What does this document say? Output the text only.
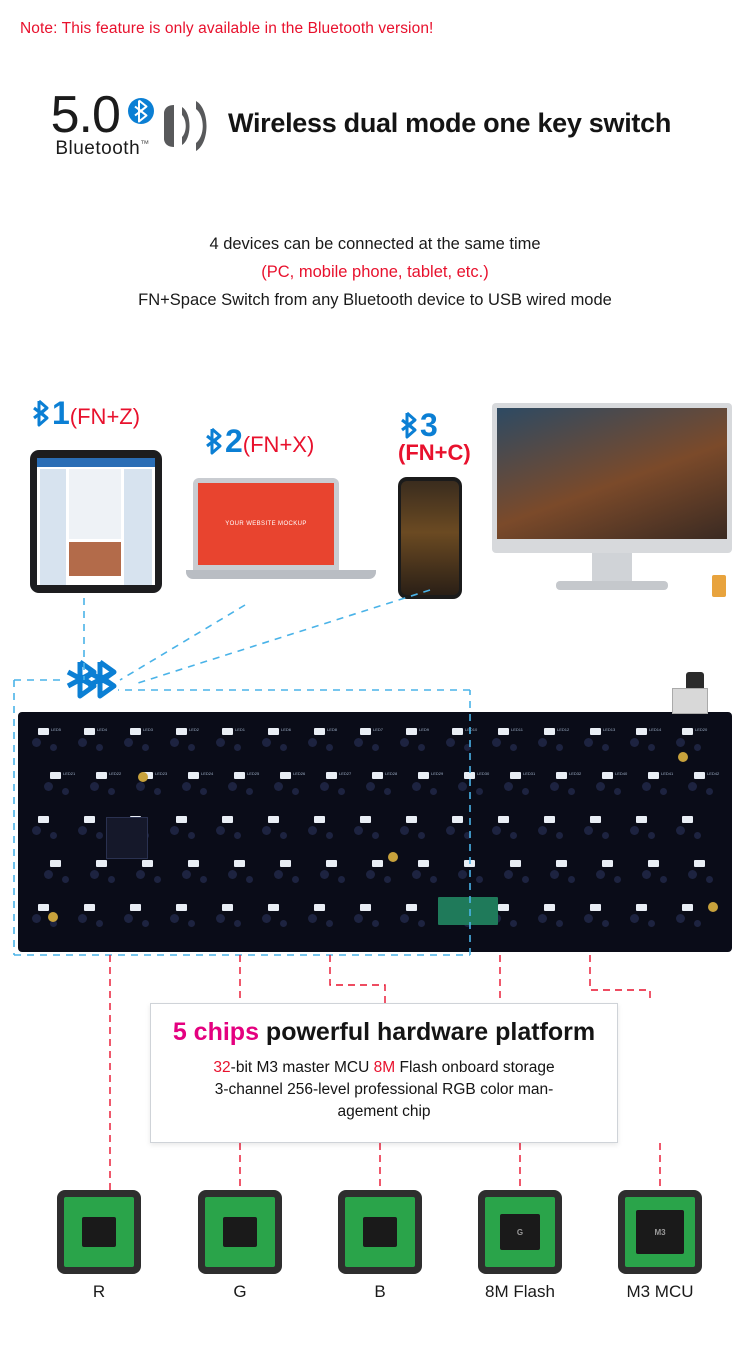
Note: This feature is only available in the Bluetooth version!
5.0
Bluetooth™
Wireless dual mode one key switch
4 devices can be connected at the same time
(PC, mobile phone, tablet, etc.)
FN+Space Switch from any Bluetooth device to USB wired mode
1(FN+Z)
2(FN+X)
YOUR WEBSITE MOCKUP
3
(FN+C)
LED5	LED4	LED3	LED2	LED1	LED6	LED8	LED7	LED9	LED10	LED11	LED12	LED13	LED14	LED20
LED21	LED22	LED23	LED24	LED25	LED26	LED27	LED28	LED29	LED30	LED31	LED32	LED40	LED41	LED42
5 chips powerful hardware platform
32-bit M3 master MCU 8M Flash onboard storage
3-channel 256-level professional RGB color man-
agement chip
R	G	B
G
8M Flash
M3
M3 MCU
